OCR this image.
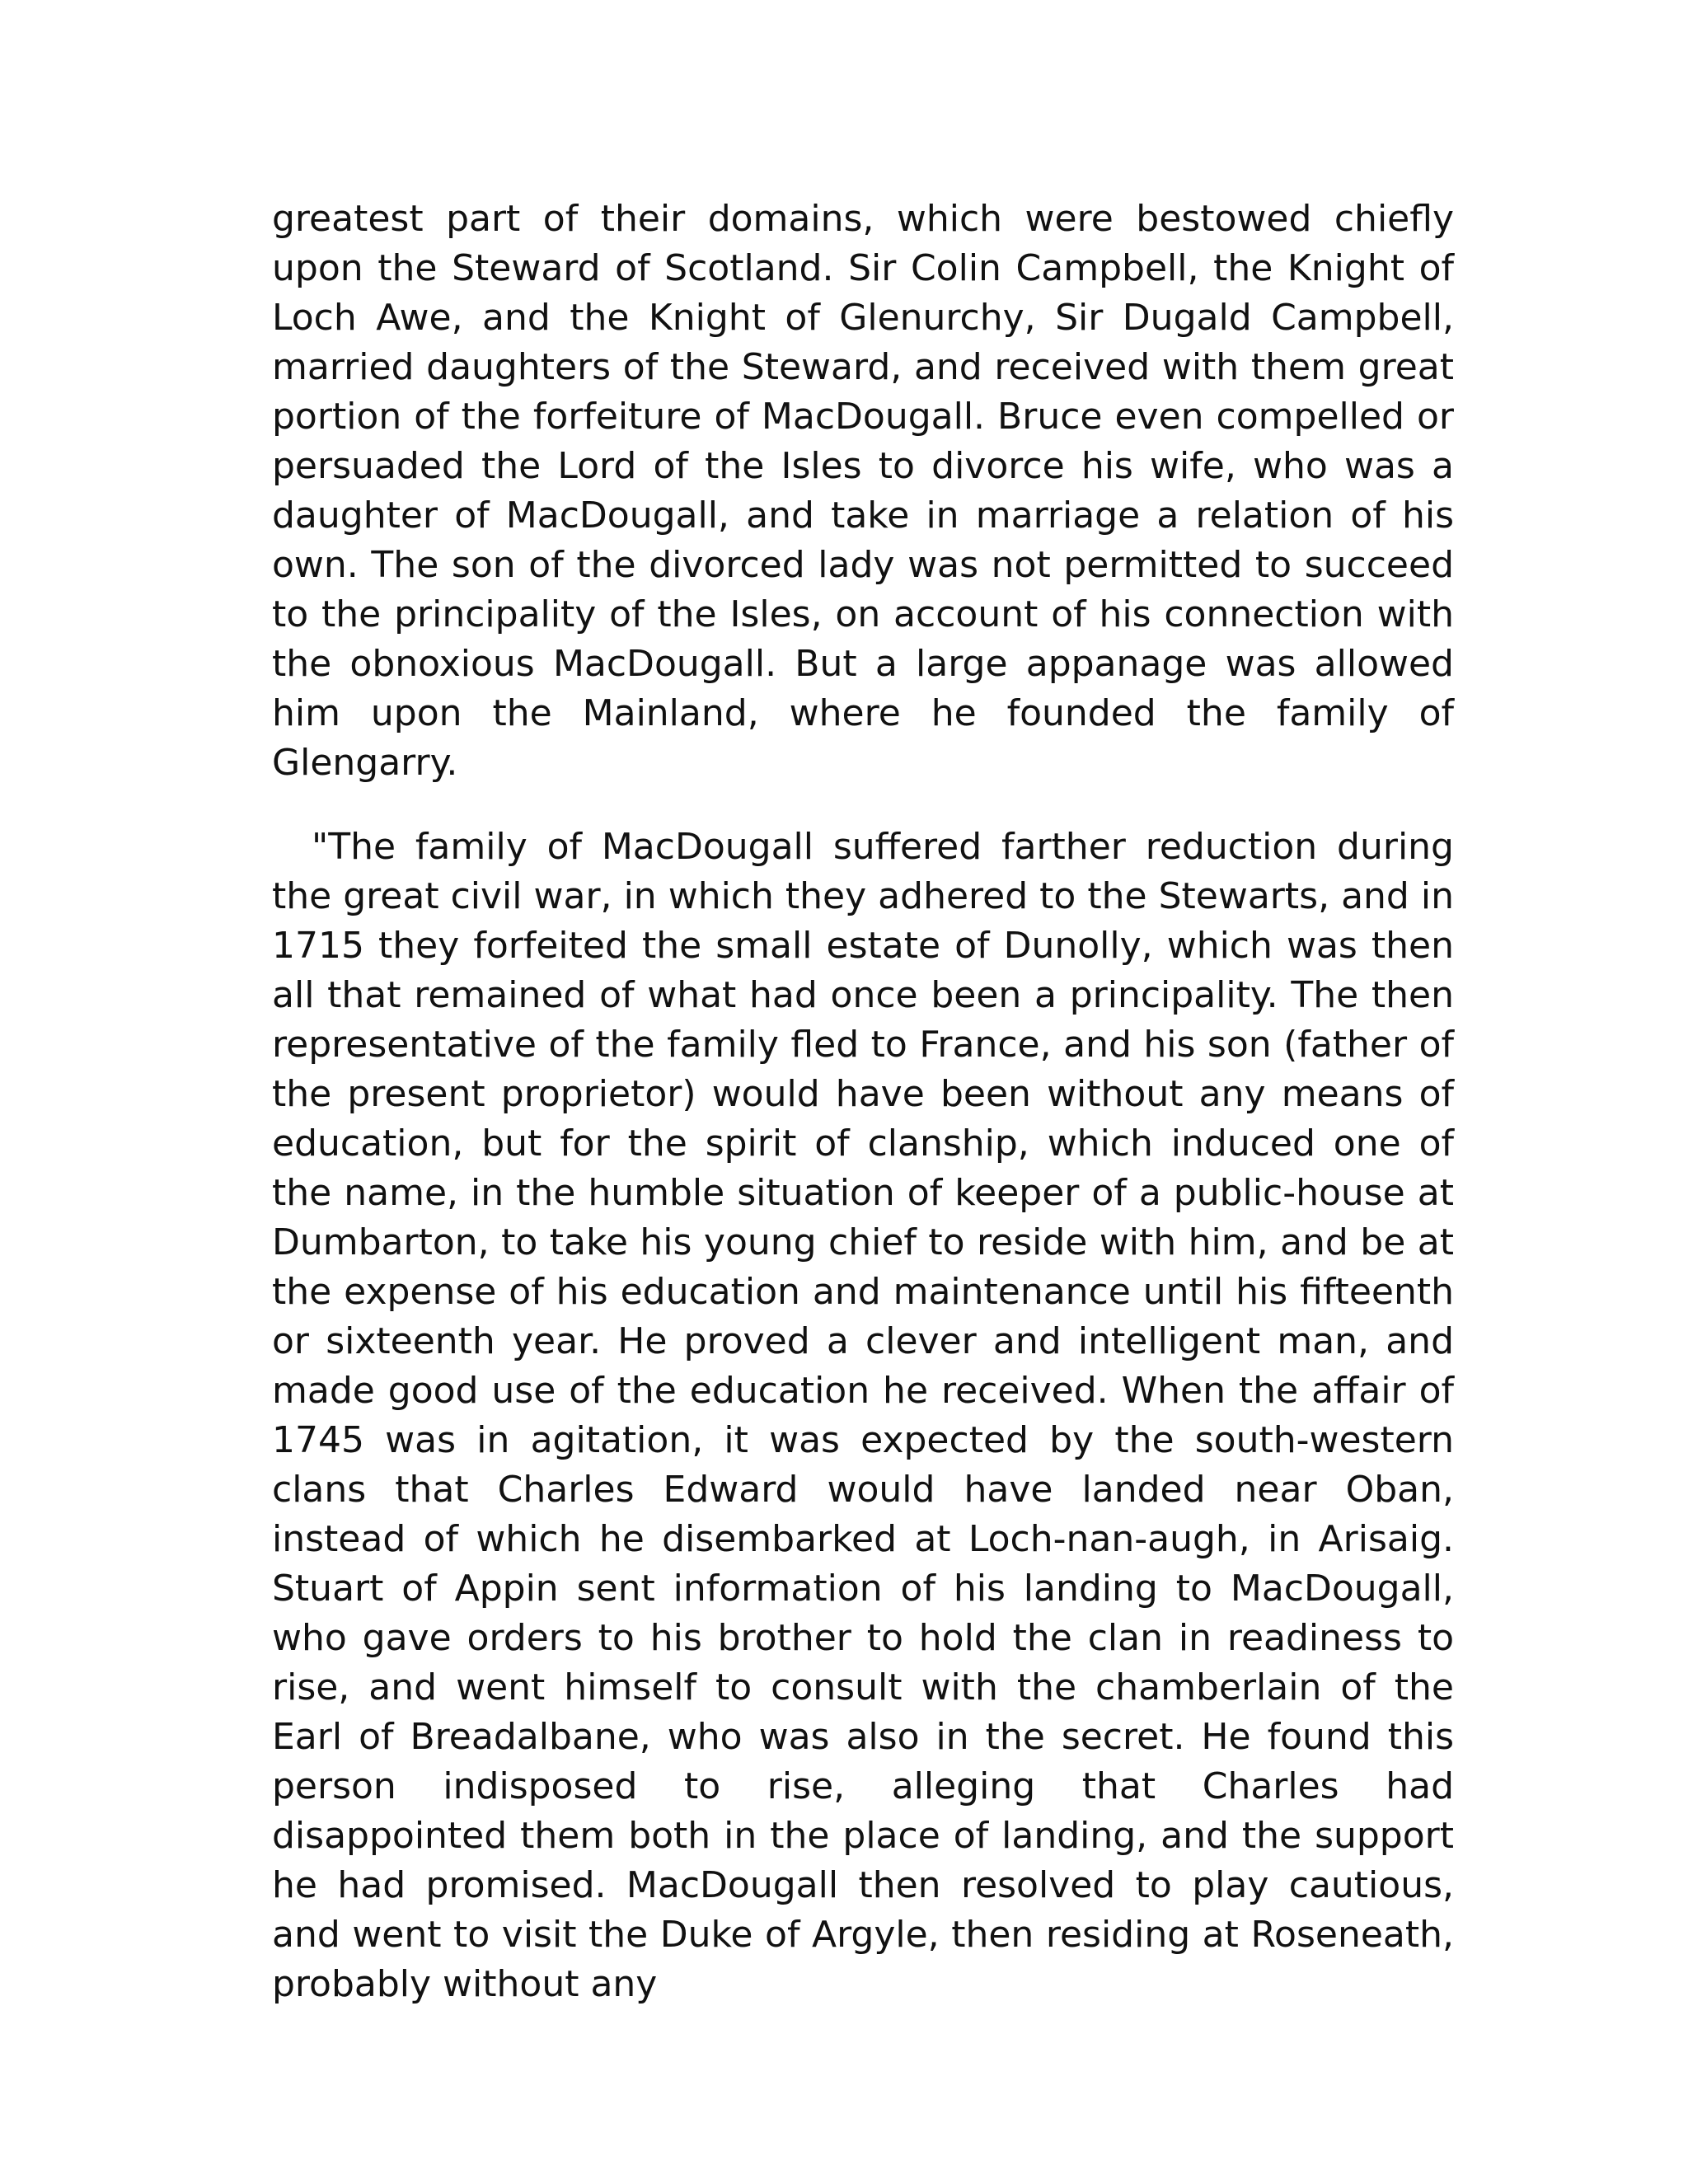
greatest part of their domains, which were bestowed chiefly upon the Steward of Scotland. Sir Colin Campbell, the Knight of Loch Awe, and the Knight of Glenurchy, Sir Dugald Campbell, married daughters of the Steward, and received with them great portion of the forfeiture of MacDougall. Bruce even compelled or persuaded the Lord of the Isles to divorce his wife, who was a daughter of MacDougall, and take in marriage a relation of his own. The son of the divorced lady was not permitted to succeed to the principality of the Isles, on account of his connection with the obnoxious MacDougall. But a large appanage was allowed him upon the Mainland, where he founded the family of Glengarry.

"The family of MacDougall suffered farther reduction during the great civil war, in which they adhered to the Stewarts, and in 1715 they forfeited the small estate of Dunolly, which was then all that remained of what had once been a principality. The then representative of the family fled to France, and his son (father of the present proprietor) would have been without any means of education, but for the spirit of clanship, which induced one of the name, in the humble situation of keeper of a public-house at Dumbarton, to take his young chief to reside with him, and be at the expense of his education and maintenance until his fifteenth or sixteenth year. He proved a clever and intelligent man, and made good use of the education he received. When the affair of 1745 was in agitation, it was expected by the south-western clans that Charles Edward would have landed near Oban, instead of which he disembarked at Loch-nan-augh, in Arisaig. Stuart of Appin sent information of his landing to MacDougall, who gave orders to his brother to hold the clan in readiness to rise, and went himself to consult with the chamberlain of the Earl of Breadalbane, who was also in the secret. He found this person indisposed to rise, alleging that Charles had disappointed them both in the place of landing, and the support he had promised. MacDougall then resolved to play cautious, and went to visit the Duke of Argyle, then residing at Roseneath, probably without any
